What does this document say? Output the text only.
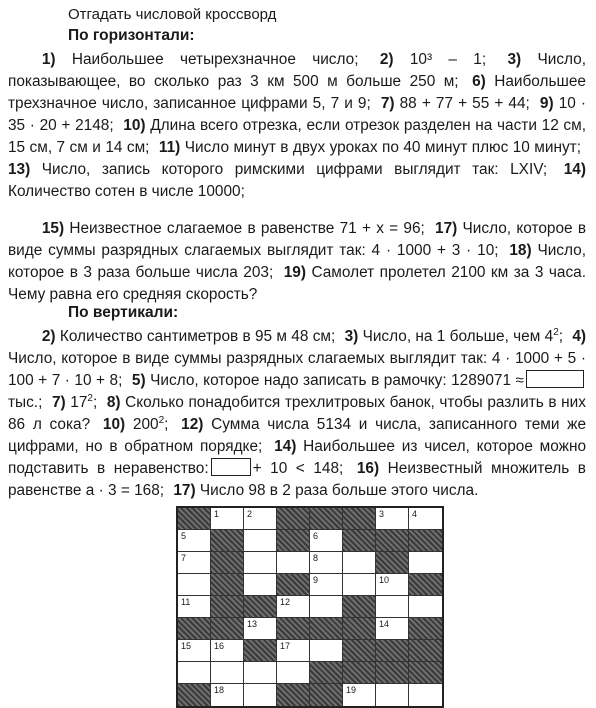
Отгадать числовой кроссворд
По горизонтали:

1) Наибольшее четырехзначное число; 2) 10³ – 1; 3) Число, показывающее, во сколько раз 3 км 500 м больше 250 м; 6) Наибольшее трехзначное число, записанное цифрами 5, 7 и 9; 7) 88 + 77 + 55 + 44; 9) 10 · 35 · 20 + 2148; 10) Длина всего отрезка, если отрезок разделен на части 12 см, 15 см, 7 см и 14 см; 11) Число минут в двух уроках по 40 минут плюс 10 минут; 13) Число, запись которого римскими цифрами выглядит так: LXIV; 14) Количество сотен в числе 10000;

15) Неизвестное слагаемое в равенстве 71 + x = 96; 17) Число, которое в виде суммы разрядных слагаемых выглядит так: 4 · 1000 + 3 · 10; 18) Число, которое в 3 раза больше числа 203; 19) Самолет пролетел 2100 км за 3 часа. Чему равна его средняя скорость?

По вертикали:

2) Количество сантиметров в 95 м 48 см; 3) Число, на 1 больше, чем $4^2$; 4) Число, которое в виде суммы разрядных слагаемых выглядит так: 4 · 1000 + 5 · 100 + 7 · 10 + 8; 5) Число, которое надо записать в рамочку: 1289071 ≈тыс.; 7) $17^2$; 8) Сколько понадобится трехлитровых банок, чтобы разлить в них 86 л сока? 10) $200^2$; 12) Сумма числа 5134 и числа, записанного теми же цифрами, но в обратном порядке; 14) Наибольшее из чисел, которое можно подставить в неравенство:	+ 10 < 148; 16) Неизвестный множитель в равенстве a · 3 = 168; 17) Число 98 в 2 раза больше этого числа.

1	2	3	4
5	6
7	8
9	10
11	12
13	14
15	16	17
18	19
